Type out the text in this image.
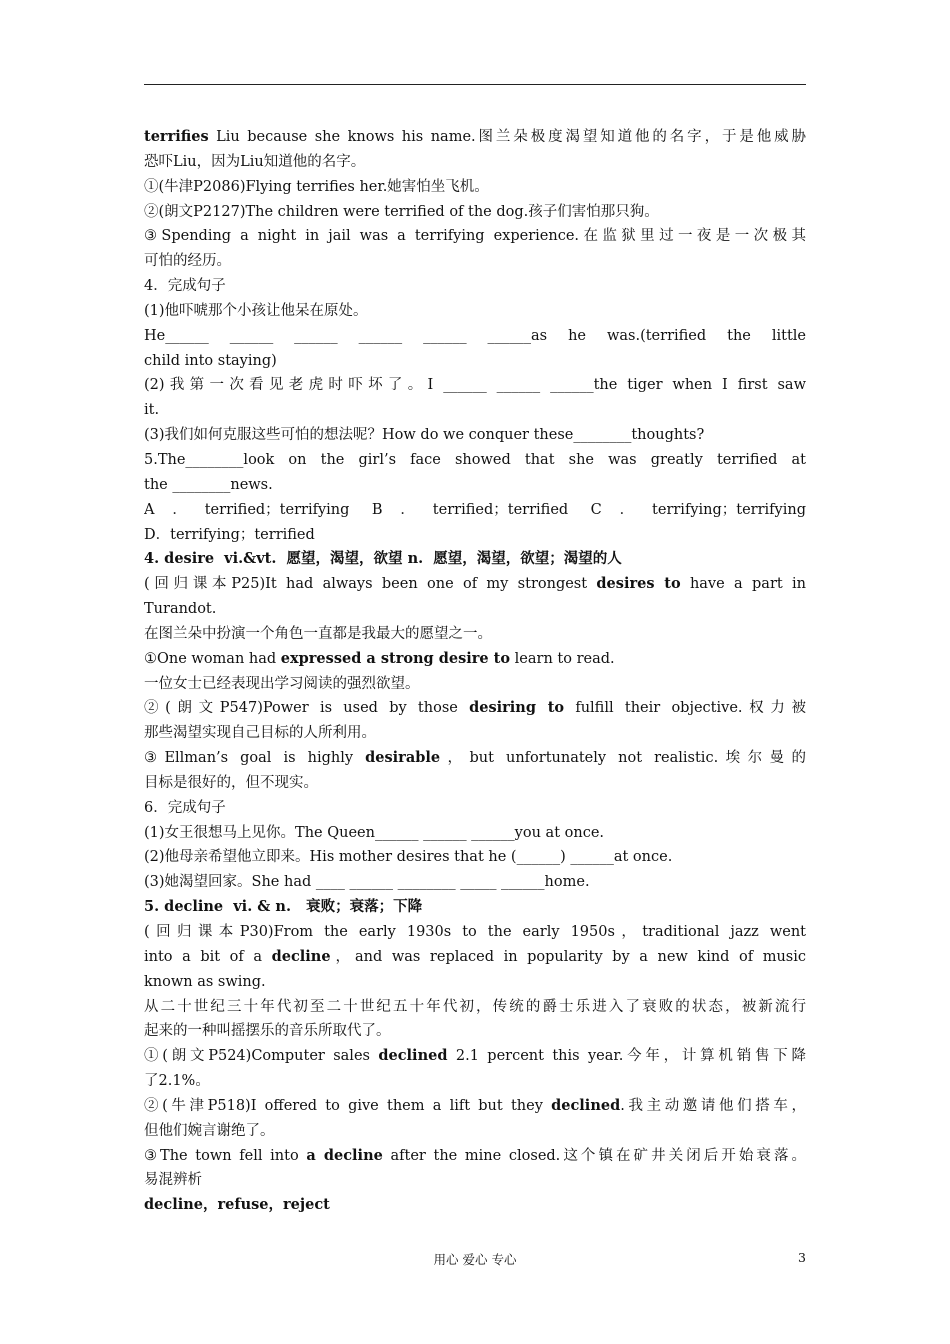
terrifies Liu because she knows his name.图兰朵极度渴望知道他的名字，于是他威胁
恐吓Liu，因为Liu知道他的名字。
①(牛津P2086)Flying terrifies her.她害怕坐飞机。
②(朗文P2127)The children were terrified of the dog.孩子们害怕那只狗。
③Spending a night in jail was a terrifying experience.在监狱里过一夜是一次极其
可怕的经历。
4．完成句子
(1)他吓唬那个小孩让他呆在原处。
He______ ______ ______ ______ ______ ______as he was.(terrified the little
child into staying)
(2)我第一次看见老虎时吓坏了。I ______ ______ ______the tiger when I first saw
it.
(3)我们如何克服这些可怕的想法呢？How do we conquer these________thoughts?
5.The________look on the girl’s face showed that she was greatly terrified at
the ________news.
A．terrified；terrifying B．terrified；terrified C．terrifying；terrifying
D．terrifying；terrified
4. desire  vi.&vt.  愿望，渴望，欲望 n.  愿望，渴望，欲望；渴望的人
(回归课本P25)It had always been one of my strongest desires to have a part in
Turandot.
在图兰朵中扮演一个角色一直都是我最大的愿望之一。
①One woman had expressed a strong desire to learn to read.
一位女士已经表现出学习阅读的强烈欲望。
②(朗文P547)Power is used by those desiring to fulfill their objective.权力被
那些渴望实现自己目标的人所利用。
③Ellman’s goal is highly desirable，but unfortunately not realistic.埃尔曼的
目标是很好的，但不现实。
6．完成句子
(1)女王很想马上见你。The Queen______ ______ ______you at once.
(2)他母亲希望他立即来。His mother desires that he (______) ______at once.
(3)她渴望回家。She had ____ ______ ________ _____ ______home.
5. decline  vi. & n.   衰败；衰落；下降
(回归课本P30)From the early 1930s to the early 1950s，traditional jazz went
into a bit of a decline，and was replaced in popularity by a new kind of music
known as swing.
从二十世纪三十年代初至二十世纪五十年代初，传统的爵士乐进入了衰败的状态，被新流行
起来的一种叫摇摆乐的音乐所取代了。
①(朗文P524)Computer sales declined 2.1 percent this year.今年，计算机销售下降
了2.1%。
②(牛津P518)I offered to give them a lift but they declined.我主动邀请他们搭车，
但他们婉言谢绝了。
③The town fell into a decline after the mine closed.这个镇在矿井关闭后开始衰落。
易混辨析
decline，refuse，reject
用心 爱心 专心	3
